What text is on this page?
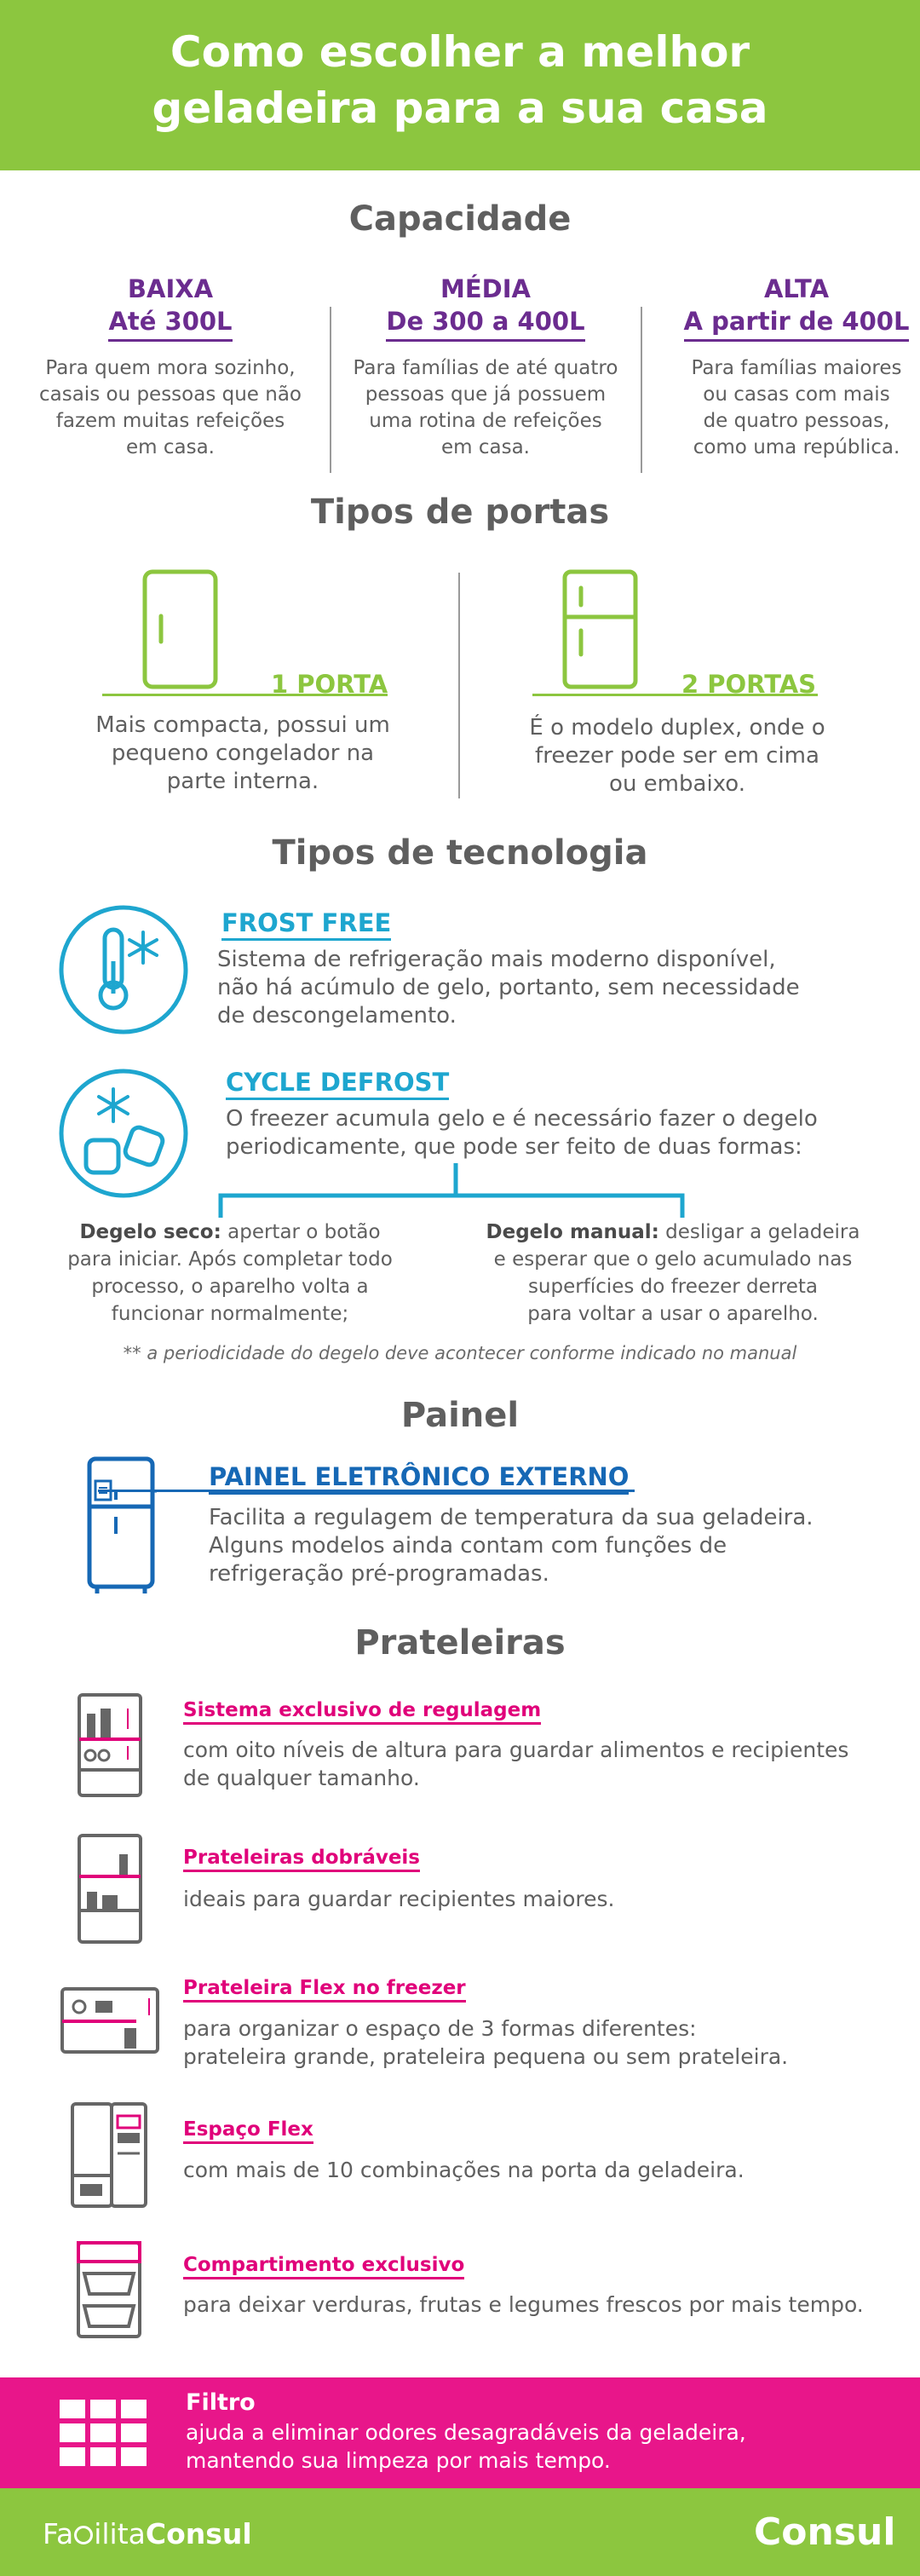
Como escolher a melhor
geladeira para a sua casa
Capacidade
BAIXA
Até 300L
Para quem mora sozinho,
casais ou pessoas que não
fazem muitas refeições
em casa.
MÉDIA
De 300 a 400L
Para famílias de até quatro
pessoas que já possuem
uma rotina de refeições
em casa.
ALTA
A partir de 400L
Para famílias maiores
ou casas com mais
de quatro pessoas,
como uma república.
Tipos de portas
1 PORTA
Mais compacta, possui um
pequeno congelador na
parte interna.
2 PORTAS
É o modelo duplex, onde o
freezer pode ser em cima
ou embaixo.
Tipos de tecnologia
FROST FREE
Sistema de refrigeração mais moderno disponível,
não há acúmulo de gelo, portanto, sem necessidade
de descongelamento.
CYCLE DEFROST
O freezer acumula gelo e é necessário fazer o degelo
periodicamente, que pode ser feito de duas formas:
Degelo seco: apertar o botão
para iniciar. Após completar todo
processo, o aparelho volta a
funcionar normalmente;
Degelo manual: desligar a geladeira
e esperar que o gelo acumulado nas
superfícies do freezer derreta
para voltar a usar o aparelho.
** a periodicidade do degelo deve acontecer conforme indicado no manual
Painel
PAINEL ELETRÔNICO EXTERNO
Facilita a regulagem de temperatura da sua geladeira.
Alguns modelos ainda contam com funções de
refrigeração pré-programadas.
Prateleiras
Sistema exclusivo de regulagem
com oito níveis de altura para guardar alimentos e recipientes
de qualquer tamanho.
Prateleiras dobráveis
ideais para guardar recipientes maiores.
Prateleira Flex no freezer
para organizar o espaço de 3 formas diferentes:
prateleira grande, prateleira pequena ou sem prateleira.
Espaço Flex
com mais de 10 combinações na porta da geladeira.
Compartimento exclusivo
para deixar verduras, frutas e legumes frescos por mais tempo.
Filtro
ajuda a eliminar odores desagradáveis da geladeira,
mantendo sua limpeza por mais tempo.
Fa ilitaConsul	Consul
